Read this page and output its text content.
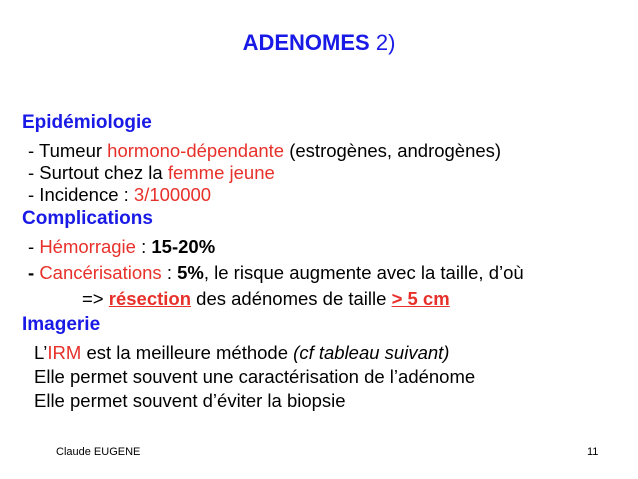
ADENOMES 2)
Epidémiologie
- Tumeur hormono-dépendante (estrogènes, androgènes)
- Surtout chez la femme jeune
- Incidence : 3/100000
Complications
- Hémorragie : 15-20%
- Cancérisations : 5%, le risque augmente avec la taille, d’où
=> résection des adénomes de taille > 5 cm
Imagerie
L’IRM est la meilleure méthode (cf tableau suivant)
Elle permet souvent une caractérisation de l’adénome
Elle permet souvent d’éviter la biopsie
Claude EUGENE	11
